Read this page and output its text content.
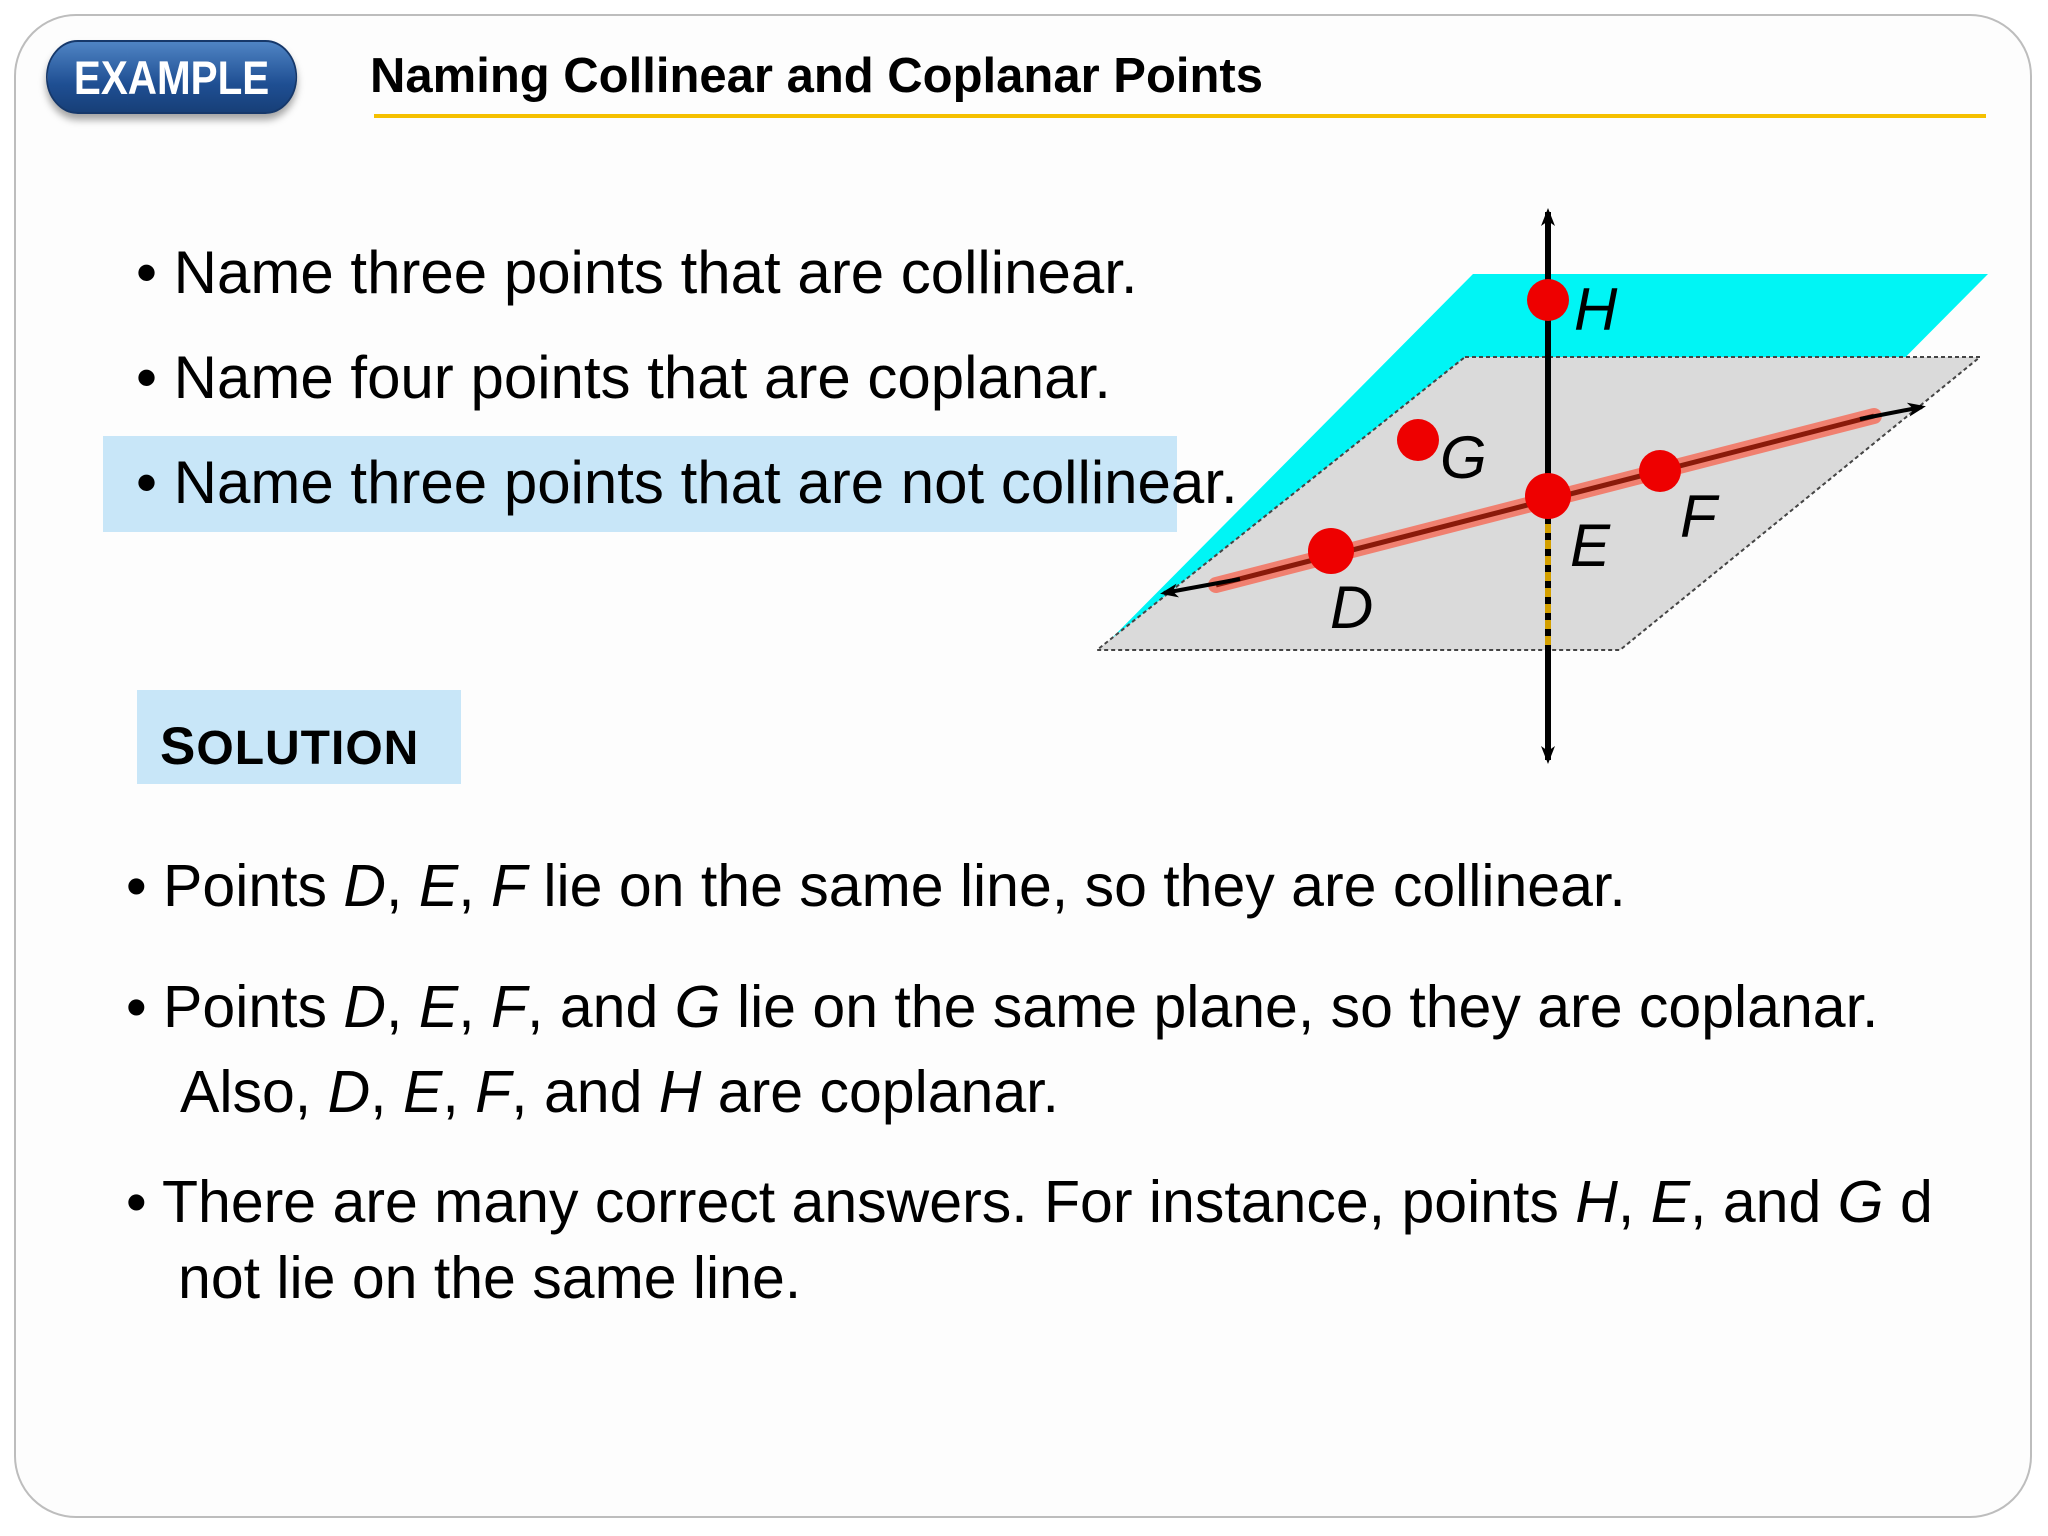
EXAMPLE	Naming Collinear and Coplanar Points
• Name three points that are collinear.
• Name four points that are coplanar.
H
G
E F
D
• Name three points that are not collinear.
SOLUTION
• Points D, E, F lie on the same line, so they are collinear.
• Points D, E, F, and G lie on the same plane, so they are coplanar.
Also, D, E, F, and H are coplanar.
• There are many correct answers. For instance, points H, E, and G d
not lie on the same line.
